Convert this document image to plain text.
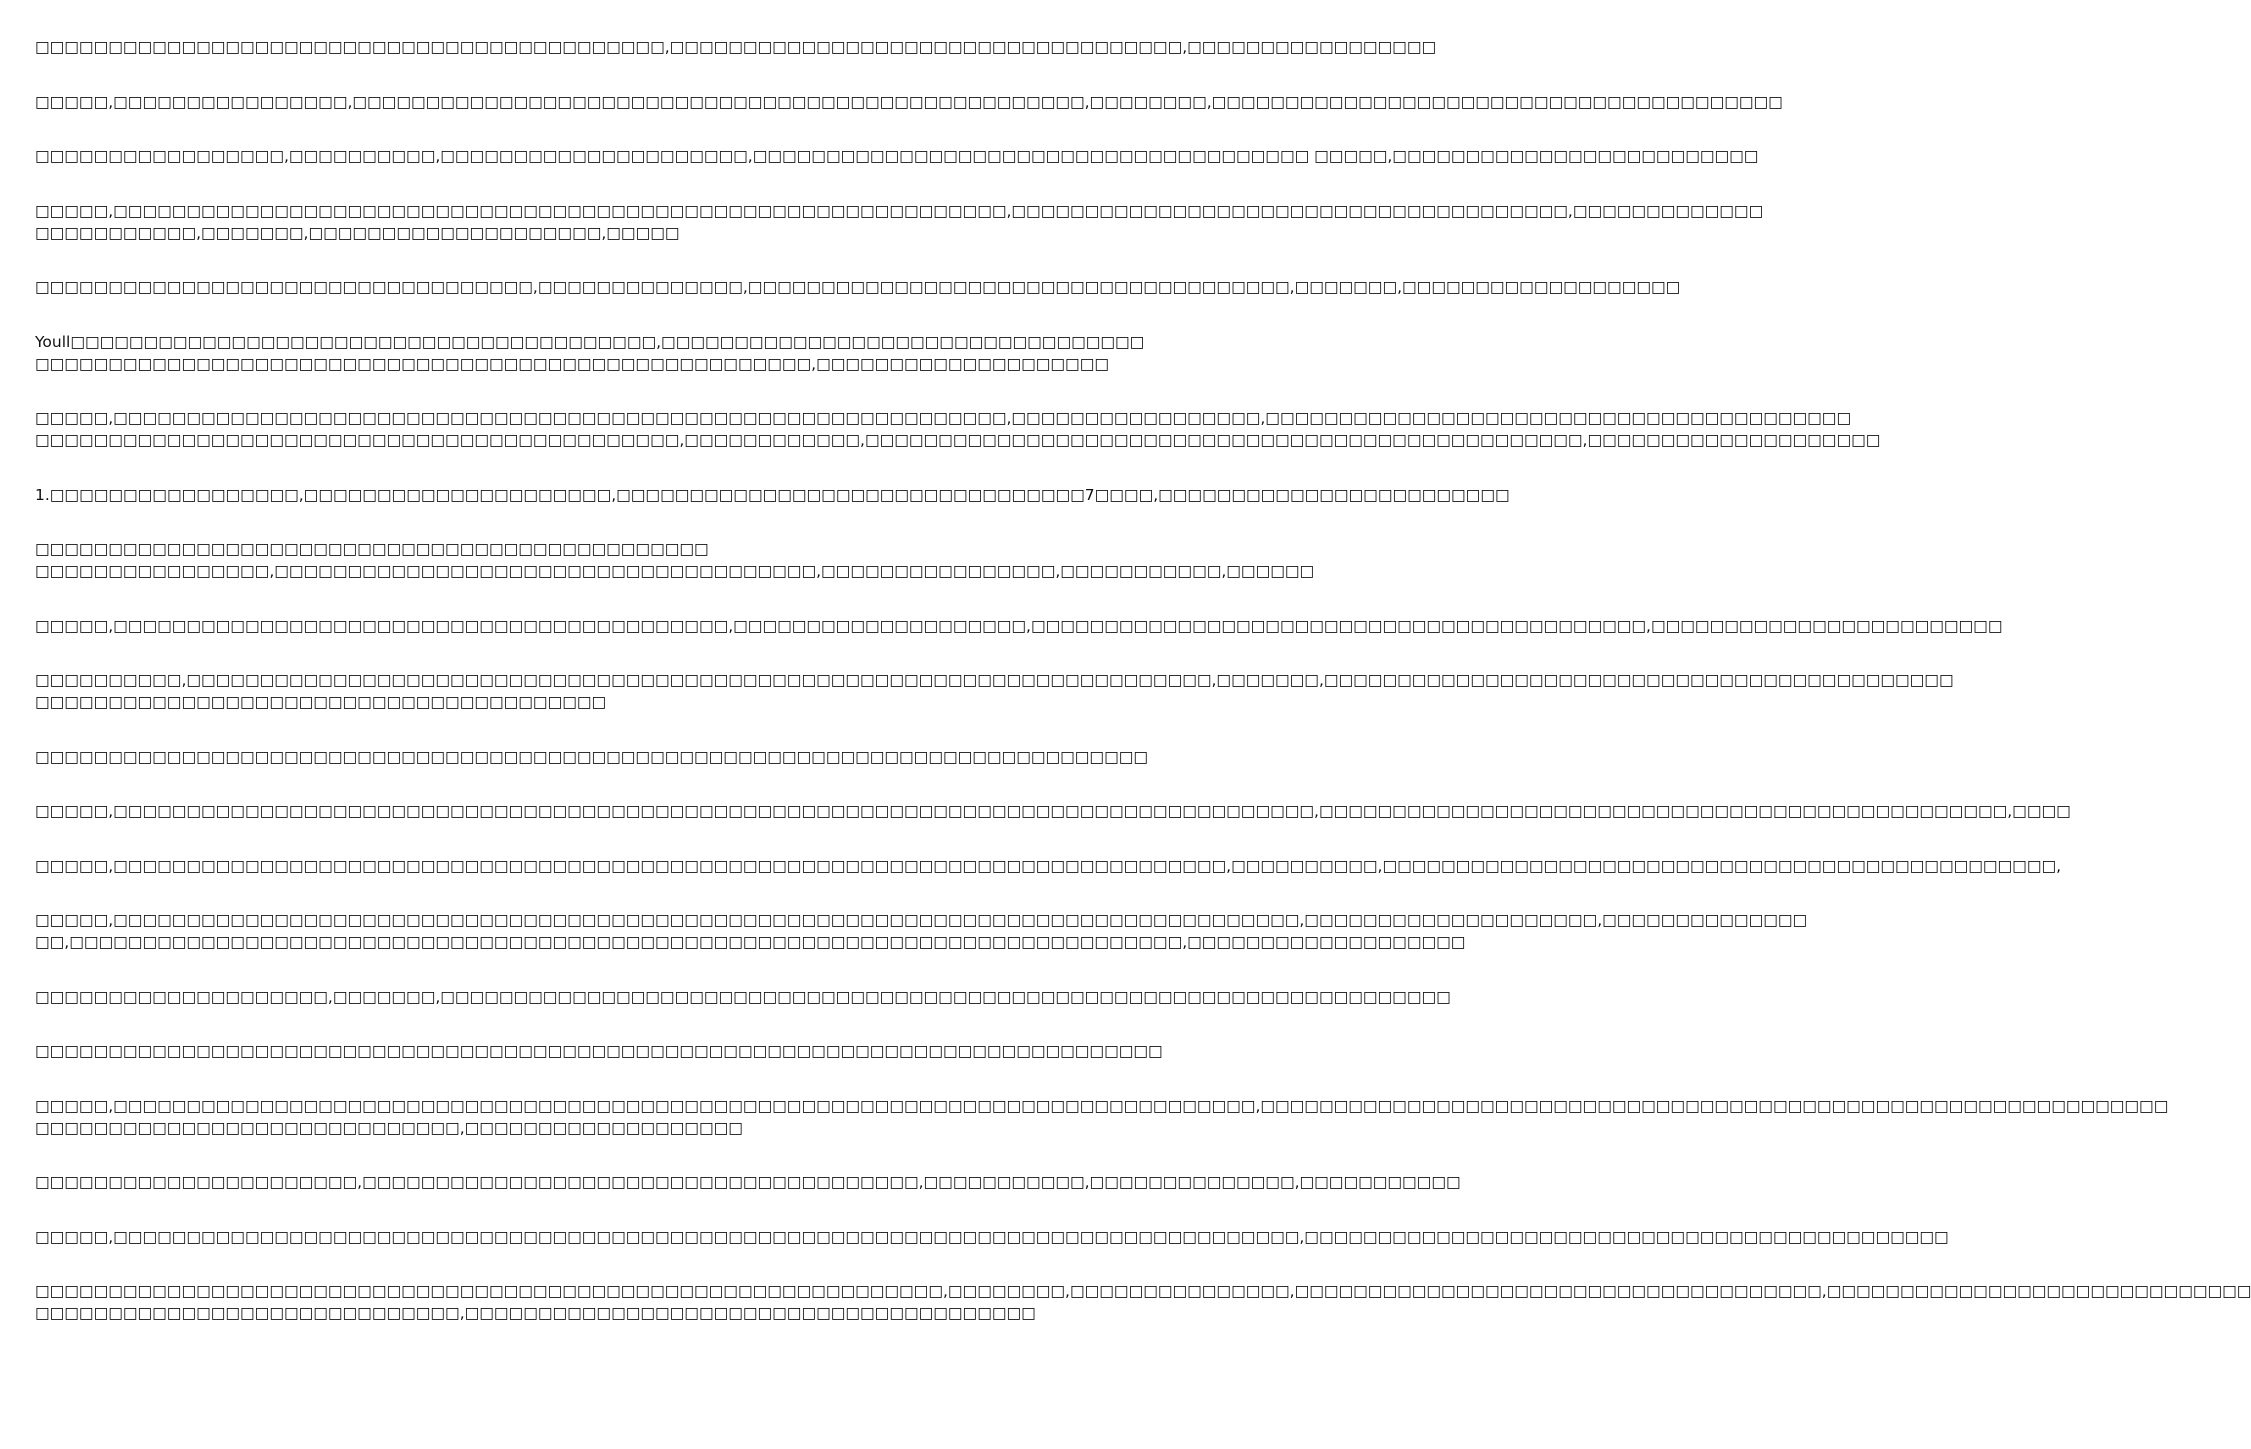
□□□□□□□□□□□□□□□□□□□□□□□□□□□□□□□□□□□□□□□□□□□,□□□□□□□□□□□□□□□□□□□□□□□□□□□□□□□□□□□,□□□□□□□□□□□□□□□□□

□□□□□,□□□□□□□□□□□□□□□□,□□□□□□□□□□□□□□□□□□□□□□□□□□□□□□□□□□□□□□□□□□□□□□□□□□,□□□□□□□□,□□□□□□□□□□□□□□□□□□□□□□□□□□□□□□□□□□□□□□□

□□□□□□□□□□□□□□□□□,□□□□□□□□□□,□□□□□□□□□□□□□□□□□□□□□,□□□□□□□□□□□□□□□□□□□□□□□□□□□□□□□□□□□□□□ □□□□□,□□□□□□□□□□□□□□□□□□□□□□□□□

□□□□□,□□□□□□□□□□□□□□□□□□□□□□□□□□□□□□□□□□□□□□□□□□□□□□□□□□□□□□□□□□□□□,□□□□□□□□□□□□□□□□□□□□□□□□□□□□□□□□□□□□□□,□□□□□□□□□□□□□
□□□□□□□□□□□,□□□□□□□,□□□□□□□□□□□□□□□□□□□□,□□□□□

□□□□□□□□□□□□□□□□□□□□□□□□□□□□□□□□□□,□□□□□□□□□□□□□□,□□□□□□□□□□□□□□□□□□□□□□□□□□□□□□□□□□□□□,□□□□□□□,□□□□□□□□□□□□□□□□□□□

Youll□□□□□□□□□□□□□□□□□□□□□□□□□□□□□□□□□□□□□□□□,□□□□□□□□□□□□□□□□□□□□□□□□□□□□□□□□□
□□□□□□□□□□□□□□□□□□□□□□□□□□□□□□□□□□□□□□□□□□□□□□□□□□□□□,□□□□□□□□□□□□□□□□□□□□

□□□□□,□□□□□□□□□□□□□□□□□□□□□□□□□□□□□□□□□□□□□□□□□□□□□□□□□□□□□□□□□□□□□,□□□□□□□□□□□□□□□□□,□□□□□□□□□□□□□□□□□□□□□□□□□□□□□□□□□□□□□□□□
□□□□□□□□□□□□□□□□□□□□□□□□□□□□□□□□□□□□□□□□□□□□,□□□□□□□□□□□□,□□□□□□□□□□□□□□□□□□□□□□□□□□□□□□□□□□□□□□□□□□□□□□□□□,□□□□□□□□□□□□□□□□□□□□

1.□□□□□□□□□□□□□□□□□,□□□□□□□□□□□□□□□□□□□□□,□□□□□□□□□□□□□□□□□□□□□□□□□□□□□□□□7□□□□,□□□□□□□□□□□□□□□□□□□□□□□□

□□□□□□□□□□□□□□□□□□□□□□□□□□□□□□□□□□□□□□□□□□□□□□
□□□□□□□□□□□□□□□□,□□□□□□□□□□□□□□□□□□□□□□□□□□□□□□□□□□□□□,□□□□□□□□□□□□□□□□,□□□□□□□□□□□,□□□□□□

□□□□□,□□□□□□□□□□□□□□□□□□□□□□□□□□□□□□□□□□□□□□□□□□,□□□□□□□□□□□□□□□□□□□□,□□□□□□□□□□□□□□□□□□□□□□□□□□□□□□□□□□□□□□□□□□,□□□□□□□□□□□□□□□□□□□□□□□□

□□□□□□□□□□,□□□□□□□□□□□□□□□□□□□□□□□□□□□□□□□□□□□□□□□□□□□□□□□□□□□□□□□□□□□□□□□□□□□□□□,□□□□□□□,□□□□□□□□□□□□□□□□□□□□□□□□□□□□□□□□□□□□□□□□□□□
□□□□□□□□□□□□□□□□□□□□□□□□□□□□□□□□□□□□□□□

□□□□□□□□□□□□□□□□□□□□□□□□□□□□□□□□□□□□□□□□□□□□□□□□□□□□□□□□□□□□□□□□□□□□□□□□□□□□

□□□□□,□□□□□□□□□□□□□□□□□□□□□□□□□□□□□□□□□□□□□□□□□□□□□□□□□□□□□□□□□□□□□□□□□□□□□□□□□□□□□□□□□□,□□□□□□□□□□□□□□□□□□□□□□□□□□□□□□□□□□□□□□□□□□□□□□□,□□□□

□□□□□,□□□□□□□□□□□□□□□□□□□□□□□□□□□□□□□□□□□□□□□□□□□□□□□□□□□□□□□□□□□□□□□□□□□□□□□□□□□□,□□□□□□□□□□,□□□□□□□□□□□□□□□□□□□□□□□□□□□□□□□□□□□□□□□□□□□□□□,

□□□□□,□□□□□□□□□□□□□□□□□□□□□□□□□□□□□□□□□□□□□□□□□□□□□□□□□□□□□□□□□□□□□□□□□□□□□□□□□□□□□□□□□,□□□□□□□□□□□□□□□□□□□□,□□□□□□□□□□□□□□
□□,□□□□□□□□□□□□□□□□□□□□□□□□□□□□□□□□□□□□□□□□□□□□□□□□□□□□□□□□□□□□□□□□□□□□□□□□□□□□,□□□□□□□□□□□□□□□□□□□

□□□□□□□□□□□□□□□□□□□□,□□□□□□□,□□□□□□□□□□□□□□□□□□□□□□□□□□□□□□□□□□□□□□□□□□□□□□□□□□□□□□□□□□□□□□□□□□□□□

□□□□□□□□□□□□□□□□□□□□□□□□□□□□□□□□□□□□□□□□□□□□□□□□□□□□□□□□□□□□□□□□□□□□□□□□□□□□□

□□□□□,□□□□□□□□□□□□□□□□□□□□□□□□□□□□□□□□□□□□□□□□□□□□□□□□□□□□□□□□□□□□□□□□□□□□□□□□□□□□□□,□□□□□□□□□□□□□□□□□□□□□□□□□□□□□□□□□□□□□□□□□□□□□□□□□□□□□□□□□□□□□□
□□□□□□□□□□□□□□□□□□□□□□□□□□□□□,□□□□□□□□□□□□□□□□□□□

□□□□□□□□□□□□□□□□□□□□□□,□□□□□□□□□□□□□□□□□□□□□□□□□□□□□□□□□□□□□□,□□□□□□□□□□□,□□□□□□□□□□□□□□,□□□□□□□□□□□

□□□□□,□□□□□□□□□□□□□□□□□□□□□□□□□□□□□□□□□□□□□□□□□□□□□□□□□□□□□□□□□□□□□□□□□□□□□□□□□□□□□□□□□,□□□□□□□□□□□□□□□□□□□□□□□□□□□□□□□□□□□□□□□□□□□□

□□□□□□□□□□□□□□□□□□□□□□□□□□□□□□□□□□□□□□□□□□□□□□□□□□□□□□□□□□□□□□,□□□□□□□□,□□□□□□□□□□□□□□□,□□□□□□□□□□□□□□□□□□□□□□□□□□□□□□□□□□□□,□□□□□□□□□□□□□□□□□□□□□□□□□□□□□
□□□□□□□□□□□□□□□□□□□□□□□□□□□□□,□□□□□□□□□□□□□□□□□□□□□□□□□□□□□□□□□□□□□□□
